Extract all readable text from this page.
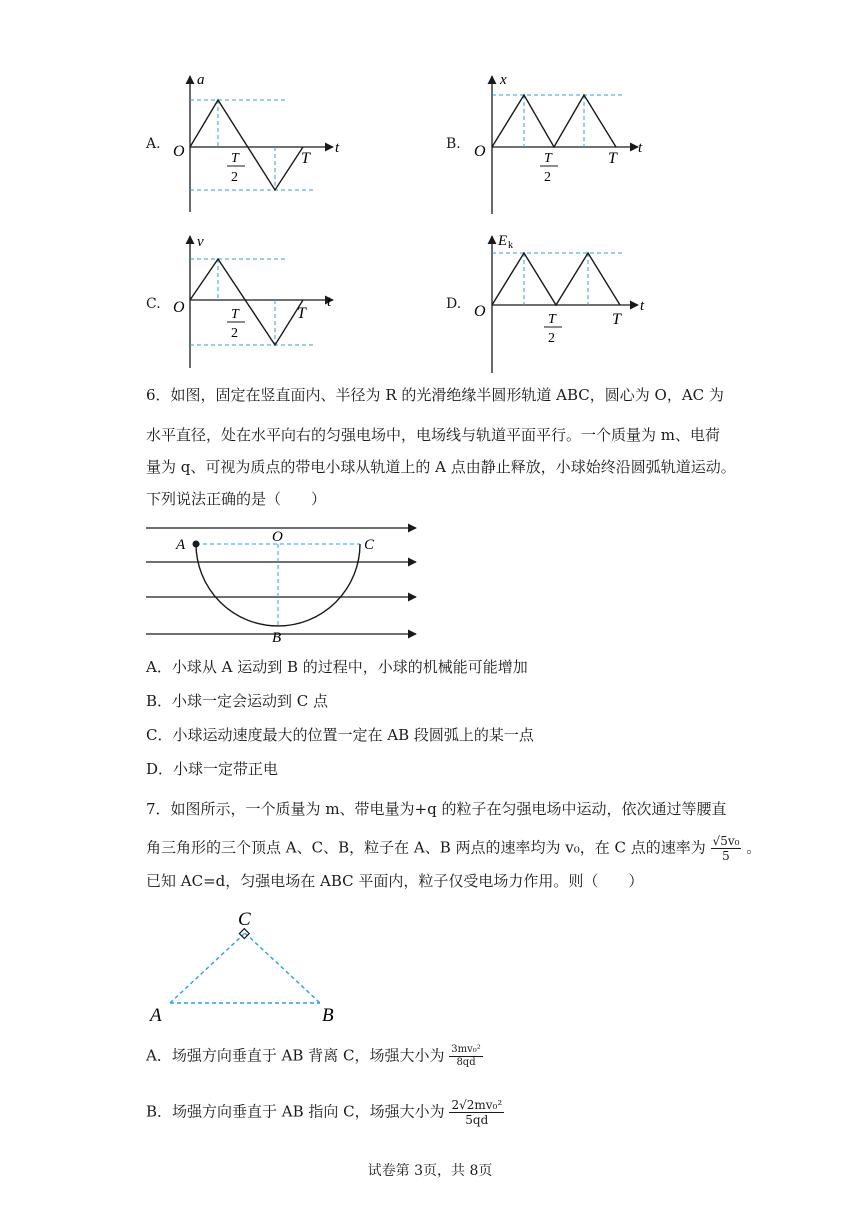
A.
a
t
O	T
T
2
B.
x
t
O	T
T
2
C.
v
t
O	T
T
2
D.
E k
t
O	T
T
2
6．如图，固定在竖直面内、半径为 R 的光滑绝缘半圆形轨道 ABC，圆心为 O，AC 为
水平直径，处在水平向右的匀强电场中，电场线与轨道平面平行。一个质量为 m、电荷
量为 q、可视为质点的带电小球从轨道上的 A 点由静止释放，小球始终沿圆弧轨道运动。
下列说法正确的是（　　）
A	O	C
B
A．小球从 A 运动到 B 的过程中，小球的机械能可能增加
B．小球一定会运动到 C 点
C．小球运动速度最大的位置一定在 AB 段圆弧上的某一点
D．小球一定带正电
7．如图所示，一个质量为 m、带电量为+q 的粒子在匀强电场中运动，依次通过等腰直
角三角形的三个顶点 A、C、B，粒子在 A、B 两点的速率均为 v₀，在 C 点的速率为 $\frac{\text{√5v₀}}{5}$ 。
已知 AC=d，匀强电场在 ABC 平面内，粒子仅受电场力作用。则（　　）
C
A	B
A．场强方向垂直于 AB 背离 C，场强大小为 $\frac{\text{3mv₀²}}{8qd}$
B．场强方向垂直于 AB 指向 C，场强大小为 $\frac{\text{2√2mv₀²}}{5qd}$
试卷第 3页，共 8页
